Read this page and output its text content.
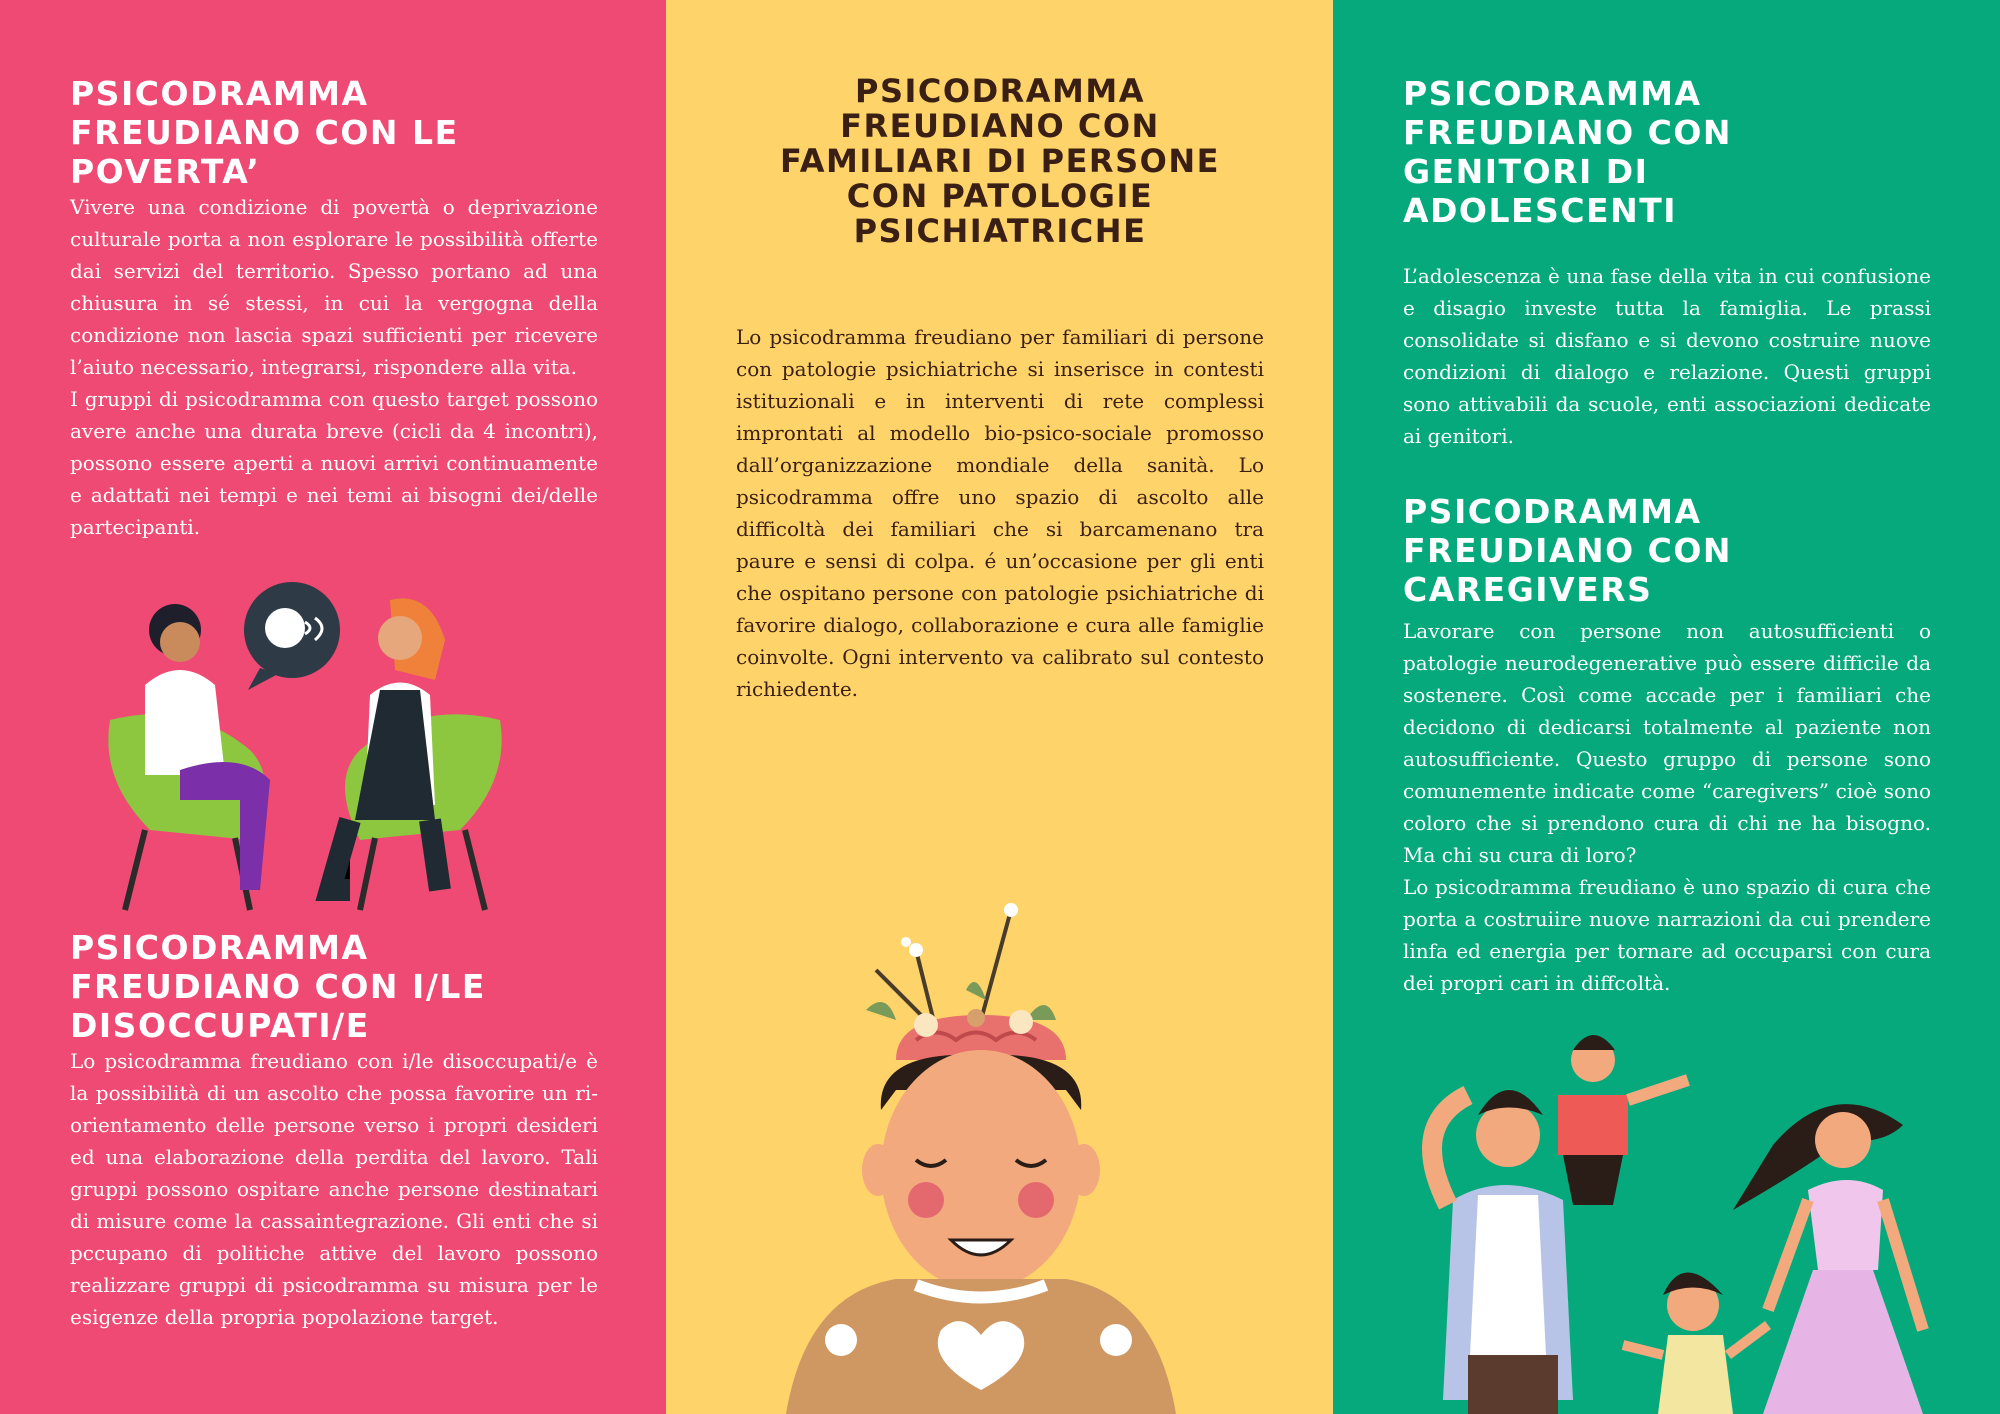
PSICODRAMMA
FREUDIANO CON LE
POVERTA’

Vivere una condizione di povertà o deprivazione culturale porta a non esplorare le possibilità offerte dai servizi del territorio. Spesso portano ad una chiusura in sé stessi, in cui la vergogna della condizione non lascia spazi sufficienti per ricevere l’aiuto necessario, integrarsi, rispondere alla vita.
I gruppi di psicodramma con questo target possono avere anche una durata breve (cicli da 4 incontri), possono essere aperti a nuovi arrivi continuamente e adattati nei tempi e nei temi ai bisogni dei/delle partecipanti.

PSICODRAMMA
FREUDIANO CON I/LE
DISOCCUPATI/E

Lo psicodramma freudiano con i/le disoccupati/e è la possibilità di un ascolto che possa favorire un ri-orientamento delle persone verso i propri desideri ed una elaborazione della perdita del lavoro. Tali gruppi possono ospitare anche persone destinatari di misure come la cassaintegrazione. Gli enti che si pccupano di politiche attive del lavoro possono realizzare gruppi di psicodramma su misura per le esigenze della propria popolazione target.

PSICODRAMMA
FREUDIANO CON
FAMILIARI DI PERSONE
CON PATOLOGIE
PSICHIATRICHE

Lo psicodramma freudiano per familiari di persone con patologie psichiatriche si inserisce in contesti istituzionali e in interventi di rete complessi improntati al modello bio-psico-sociale promosso dall’organizzazione mondiale della sanità. Lo psicodramma offre uno spazio di ascolto alle difficoltà dei familiari che si barcamenano tra paure e sensi di colpa. é un’occasione per gli enti che ospitano persone con patologie psichiatriche di favorire dialogo, collaborazione e cura alle famiglie coinvolte. Ogni intervento va calibrato sul contesto richiedente.

PSICODRAMMA
FREUDIANO CON
GENITORI DI
ADOLESCENTI

L’adolescenza è una fase della vita in cui confusione e disagio investe tutta la famiglia. Le prassi consolidate si disfano e si devono costruire nuove condizioni di dialogo e relazione. Questi gruppi sono attivabili da scuole, enti associazioni dedicate ai genitori.

PSICODRAMMA
FREUDIANO CON
CAREGIVERS

Lavorare con persone non autosufficienti o patologie neurodegenerative può essere difficile da sostenere. Così come accade per i familiari che decidono di dedicarsi totalmente al paziente non autosufficiente. Questo gruppo di persone sono comunemente indicate come “caregivers” cioè sono coloro che si prendono cura di chi ne ha bisogno. Ma chi su cura di loro?
Lo psicodramma freudiano è uno spazio di cura che porta a costruiire nuove narrazioni da cui prendere linfa ed energia per tornare ad occuparsi con cura dei propri cari in diffcoltà.
